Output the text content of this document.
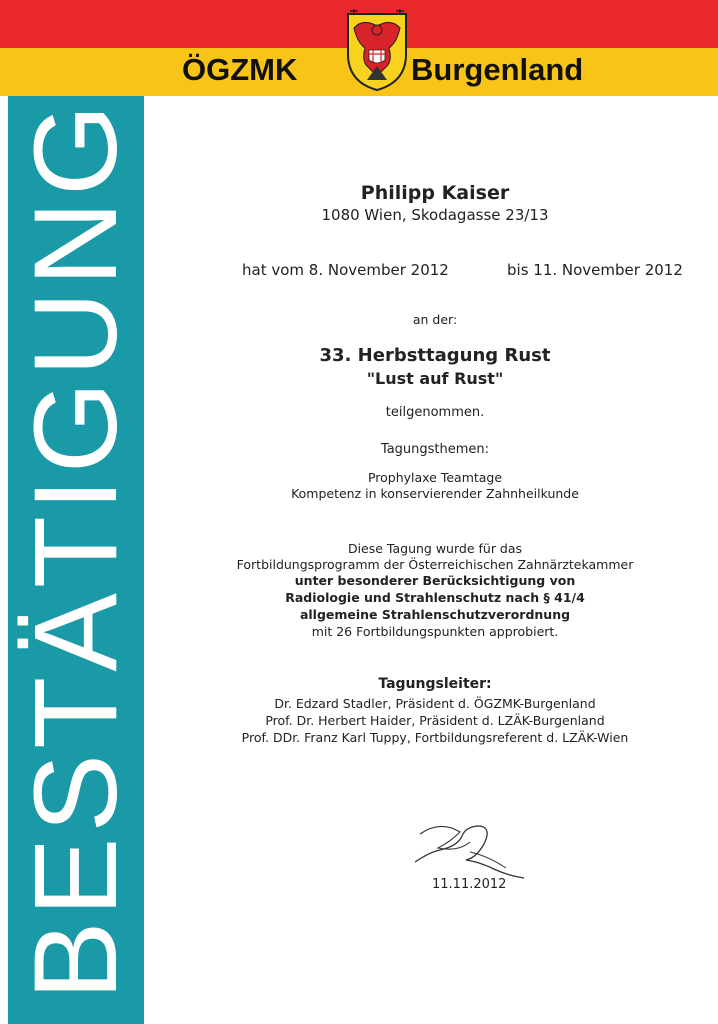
BESTÄTIGUNG
ÖGZMK	Burgenland
Philipp Kaiser
1080 Wien, Skodagasse 23/13
hat vom 8. November 2012	bis 11. November 2012
an der:
33. Herbsttagung Rust
"Lust auf Rust"
teilgenommen.
Tagungsthemen:
Prophylaxe Teamtage
Kompetenz in konservierender Zahnheilkunde
Diese Tagung wurde für das
Fortbildungsprogramm der Österreichischen Zahnärztekammer
unter besonderer Berücksichtigung von
Radiologie und Strahlenschutz nach § 41/4
allgemeine Strahlenschutzverordnung
mit 26 Fortbildungspunkten approbiert.
Tagungsleiter:
Dr. Edzard Stadler, Präsident d. ÖGZMK-Burgenland
Prof. Dr. Herbert Haider, Präsident d. LZÄK-Burgenland
Prof. DDr. Franz Karl Tuppy, Fortbildungsreferent d. LZÄK-Wien
11.11.2012
